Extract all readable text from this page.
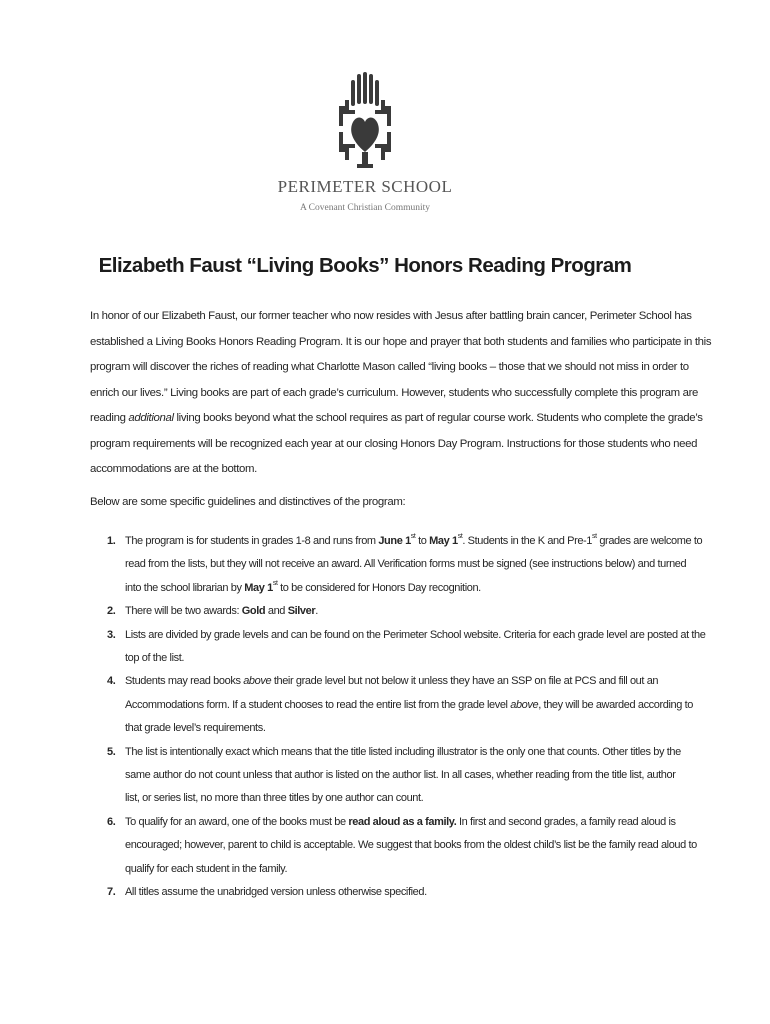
PERIMETER SCHOOL
A Covenant Christian Community
Elizabeth Faust “Living Books” Honors Reading Program
In honor of our Elizabeth Faust, our former teacher who now resides with Jesus after battling brain cancer, Perimeter School has
established a Living Books Honors Reading Program. It is our hope and prayer that both students and families who participate in this
program will discover the riches of reading what Charlotte Mason called “living books – those that we should not miss in order to
enrich our lives.” Living books are part of each grade’s curriculum. However, students who successfully complete this program are
reading additional living books beyond what the school requires as part of regular course work. Students who complete the grade’s
program requirements will be recognized each year at our closing Honors Day Program. Instructions for those students who need
accommodations are at the bottom.

Below are some specific guidelines and distinctives of the program:

1. The program is for students in grades 1-8 and runs from June 1st to May 1st. Students in the K and Pre-1st grades are welcome to
read from the lists, but they will not receive an award. All Verification forms must be signed (see instructions below) and turned
into the school librarian by May 1st to be considered for Honors Day recognition.
2. There will be two awards: Gold and Silver.
3. Lists are divided by grade levels and can be found on the Perimeter School website. Criteria for each grade level are posted at the
top of the list.
4. Students may read books above their grade level but not below it unless they have an SSP on file at PCS and fill out an
Accommodations form. If a student chooses to read the entire list from the grade level above, they will be awarded according to
that grade level’s requirements.
5. The list is intentionally exact which means that the title listed including illustrator is the only one that counts. Other titles by the
same author do not count unless that author is listed on the author list. In all cases, whether reading from the title list, author
list, or series list, no more than three titles by one author can count.
6. To qualify for an award, one of the books must be read aloud as a family. In first and second grades, a family read aloud is
encouraged; however, parent to child is acceptable. We suggest that books from the oldest child’s list be the family read aloud to
qualify for each student in the family.
7. All titles assume the unabridged version unless otherwise specified.
